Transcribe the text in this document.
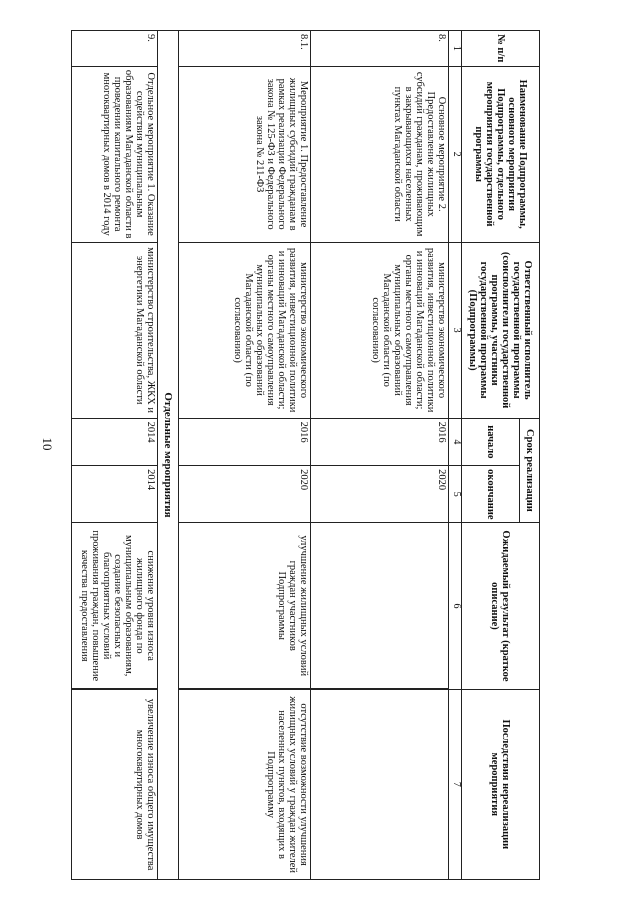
10
№ п/п	Наименование Подпрограммы, основного мероприятия Подпрограммы, отдельного мероприятия государственной программы	Ответственный исполнитель государственной программы (соисполнители государственной программы, участники государственной программы (Подпрограммы)	Срок реализации		Ожидаемый результат (краткое описание)	Последствия нереализации мероприятия
			начало	окончание		
1	2	3	4	5	6	7
8.	Основное мероприятие 2. Предоставление жилищных субсидий гражданам, проживающим в закрывающихся населенных пунктах Магаданской области	министерство экономического развития, инвестиционной политики и инноваций Магаданской области; органы местного самоуправления муниципальных образований Магаданской области (по согласованию)	2016	2020		
8.1.	Мероприятие 1. Предоставление жилищных субсидий гражданам в рамках реализации Федерального закона № 125-ФЗ и Федерального закона № 211-ФЗ	министерство экономического развития, инвестиционной политики и инноваций Магаданской области; органы местного самоуправления муниципальных образований Магаданской области (по согласованию)	2016	2020	улучшение жилищных условий граждан участников Подпрограммы	отсутствие возможности улучшения жилищных условий у граждан жителей населенных пунктов, входящих в Подпрограмму
Отдельные мероприятия						
9.	Отдельное мероприятие 1. Оказание содействия муниципальным образованиям Магаданской области в проведении капитального ремонта многоквартирных домов в 2014 году	министерство строительства, ЖКХ и энергетики Магаданской области	2014	2014	снижение уровня износа жилищного фонда по муниципальным образованиям, создание безопасных и благоприятных условий проживания граждан, повышение качества предоставления	увеличение износа общего имущества многоквартирных домов
